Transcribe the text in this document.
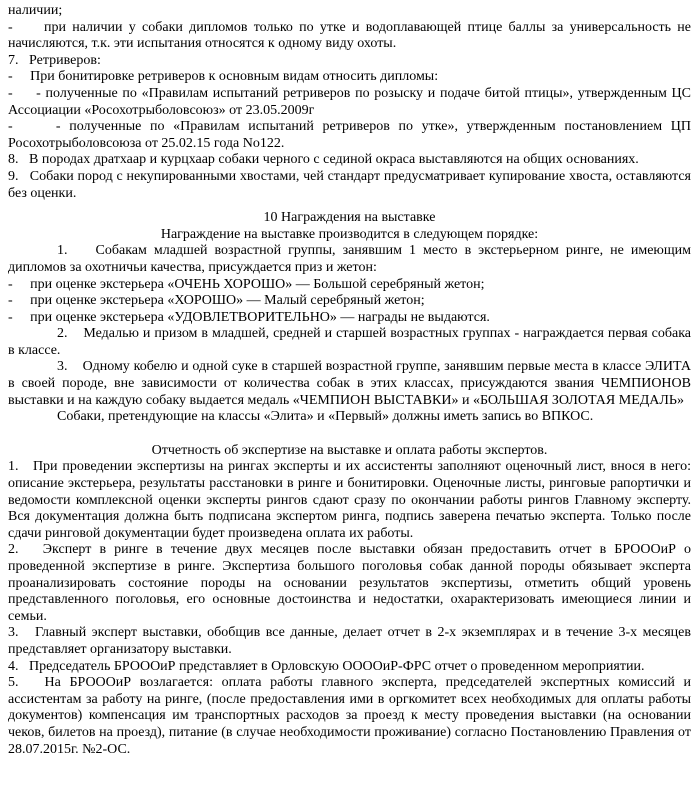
наличии;

-     при наличии у собаки дипломов только по утке и водоплавающей птице баллы за универсальность не начисляются, т.к. эти испытания относятся к одному виду охоты.

7.   Ретриверов:

-     При бонитировке ретриверов к основным видам относить дипломы:

-     - полученные по «Правилам испытаний ретриверов по розыску и подаче битой птицы», утвержденным ЦС Ассоциации «Росохотрыболовсоюз» от 23.05.2009г

-     - полученные по «Правилам испытаний ретриверов по утке», утвержденным постановлением ЦП Росохотрыболовсоюза от 25.02.15 года No122.

8.   В породах дратхаар и курцхаар собаки черного с сединой окраса выставляются на общих основаниях.

9.   Собаки пород с некупированными хвостами, чей стандарт предусматривает купирование хвоста, оставляются без оценки.

10 Награждения на выставке

Награждение на выставке производится в следующем порядке:

1.    Собакам младшей возрастной группы, занявшим 1 место в экстерьерном ринге, не имеющим дипломов за охотничьи качества, присуждается приз и жетон:

-     при оценке экстерьера «ОЧЕНЬ ХОРОШО» — Большой серебряный жетон;

-     при оценке экстерьера «ХОРОШО» — Малый серебряный жетон;

-     при оценке экстерьера «УДОВЛЕТВОРИТЕЛЬНО» — награды не выдаются.

2.    Медалью и призом в младшей, средней и старшей возрастных группах - награждается первая собака в классе.

3.    Одному кобелю и одной суке в старшей возрастной группе, занявшим первые места в классе ЭЛИТА в своей породе, вне зависимости от количества собак в этих классах, присуждаются звания ЧЕМПИОНОВ выставки и на каждую собаку выдается медаль «ЧЕМПИОН ВЫСТАВКИ» и «БОЛЬШАЯ ЗОЛОТАЯ МЕДАЛЬ»

Собаки, претендующие на классы «Элита» и «Первый» должны иметь запись во ВПКОС.

Отчетность об экспертизе на выставке и оплата работы экспертов.

1.   При проведении экспертизы на рингах эксперты и их ассистенты заполняют оценочный лист, внося в него: описание экстерьера, результаты расстановки в ринге и бонитировки. Оценочные листы, ринговые рапортички и ведомости комплексной оценки эксперты рингов сдают сразу по окончании работы рингов Главному эксперту. Вся документация должна быть подписана экспертом ринга, подпись заверена печатью эксперта. Только после сдачи ринговой документации будет произведена оплата их работы.

2.   Эксперт в ринге в течение двух месяцев после выставки обязан предоставить отчет в БРОООиР о проведенной экспертизе в ринге. Экспертиза большого поголовья собак данной породы обязывает эксперта проанализировать состояние породы на основании результатов экспертизы, отметить общий уровень представленного поголовья, его основные достоинства и недостатки, охарактеризовать имеющиеся линии и семьи.

3.   Главный эксперт выставки, обобщив все данные, делает отчет в 2-х экземплярах и в течение 3-х месяцев представляет организатору выставки.

4.   Председатель БРОООиР представляет в Орловскую ООООиР-ФРС отчет о проведенном мероприятии.

5.   На БРОООиР возлагается: оплата работы главного эксперта, председателей экспертных комиссий и ассистентам за работу на ринге, (после предоставления ими в оргкомитет всех необходимых для оплаты работы документов) компенсация им транспортных расходов за проезд к месту проведения выставки (на основании чеков, билетов на проезд), питание (в случае необходимости проживание) согласно Постановлению Правления от 28.07.2015г. №2-ОС.
